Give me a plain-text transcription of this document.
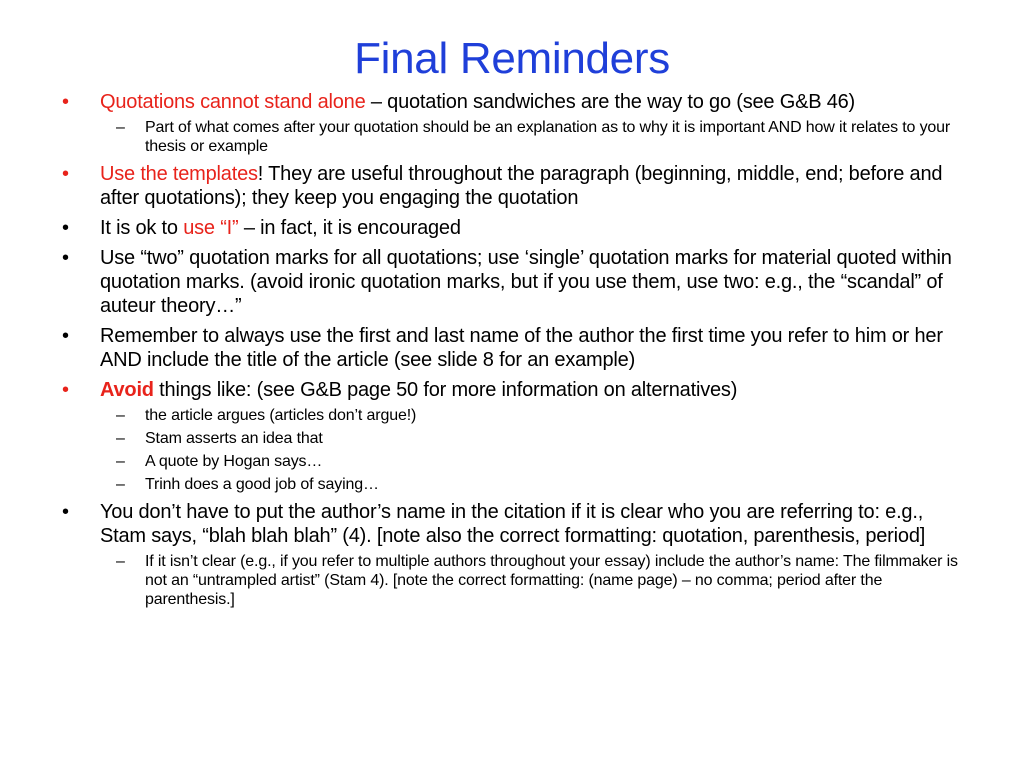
Final Reminders
•	Quotations cannot stand alone – quotation sandwiches are the way to go (see G&B 46)
– Part of what comes after your quotation should be an explanation as to why it is important AND how it relates to your thesis or example
•	Use the templates! They are useful throughout the paragraph (beginning, middle, end; before and after quotations); they keep you engaging the quotation
•	It is ok to use “I” – in fact, it is encouraged
•	Use “two” quotation marks for all quotations; use ‘single’ quotation marks for material quoted within quotation marks. (avoid ironic quotation marks, but if you use them, use two: e.g., the “scandal” of auteur theory…”
•	Remember to always use the first and last name of the author the first time you refer to him or her AND include the title of the article (see slide 8 for an example)
•	Avoid things like: (see G&B page 50 for more information on alternatives)
– the article argues (articles don’t argue!)
– Stam asserts an idea that
– A quote by Hogan says…
– Trinh does a good job of saying…
•	You don’t have to put the author’s name in the citation if it is clear who you are referring to: e.g., Stam says, “blah blah blah” (4). [note also the correct formatting: quotation, parenthesis, period]
– If it isn’t clear (e.g., if you refer to multiple authors throughout your essay) include the author’s name: The filmmaker is not an “untrampled artist” (Stam 4). [note the correct formatting: (name page) – no comma; period after the parenthesis.]
